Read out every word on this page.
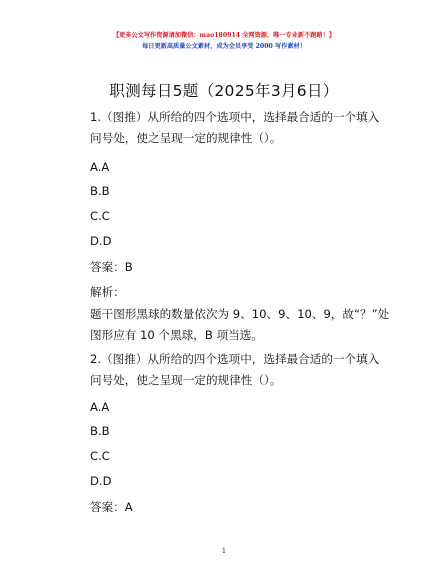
【更多公文写作资源请加微信：mao180914 全网资源，唯一专业新不跑路！】
每日更新高质量公文素材，成为会员享受 2000 写作素材！
职测每日5题（2025年3月6日）
1.（图推）从所给的四个选项中，选择最合适的一个填入问号处，使之呈现一定的规律性（）。
A.A
B.B
C.C
D.D
答案：B
解析：
题干图形黑球的数量依次为 9、10、9、10、9，故“？”处图形应有 10 个黑球，B 项当选。
2.（图推）从所给的四个选项中，选择最合适的一个填入问号处，使之呈现一定的规律性（）。
A.A
B.B
C.C
D.D
答案：A
1
